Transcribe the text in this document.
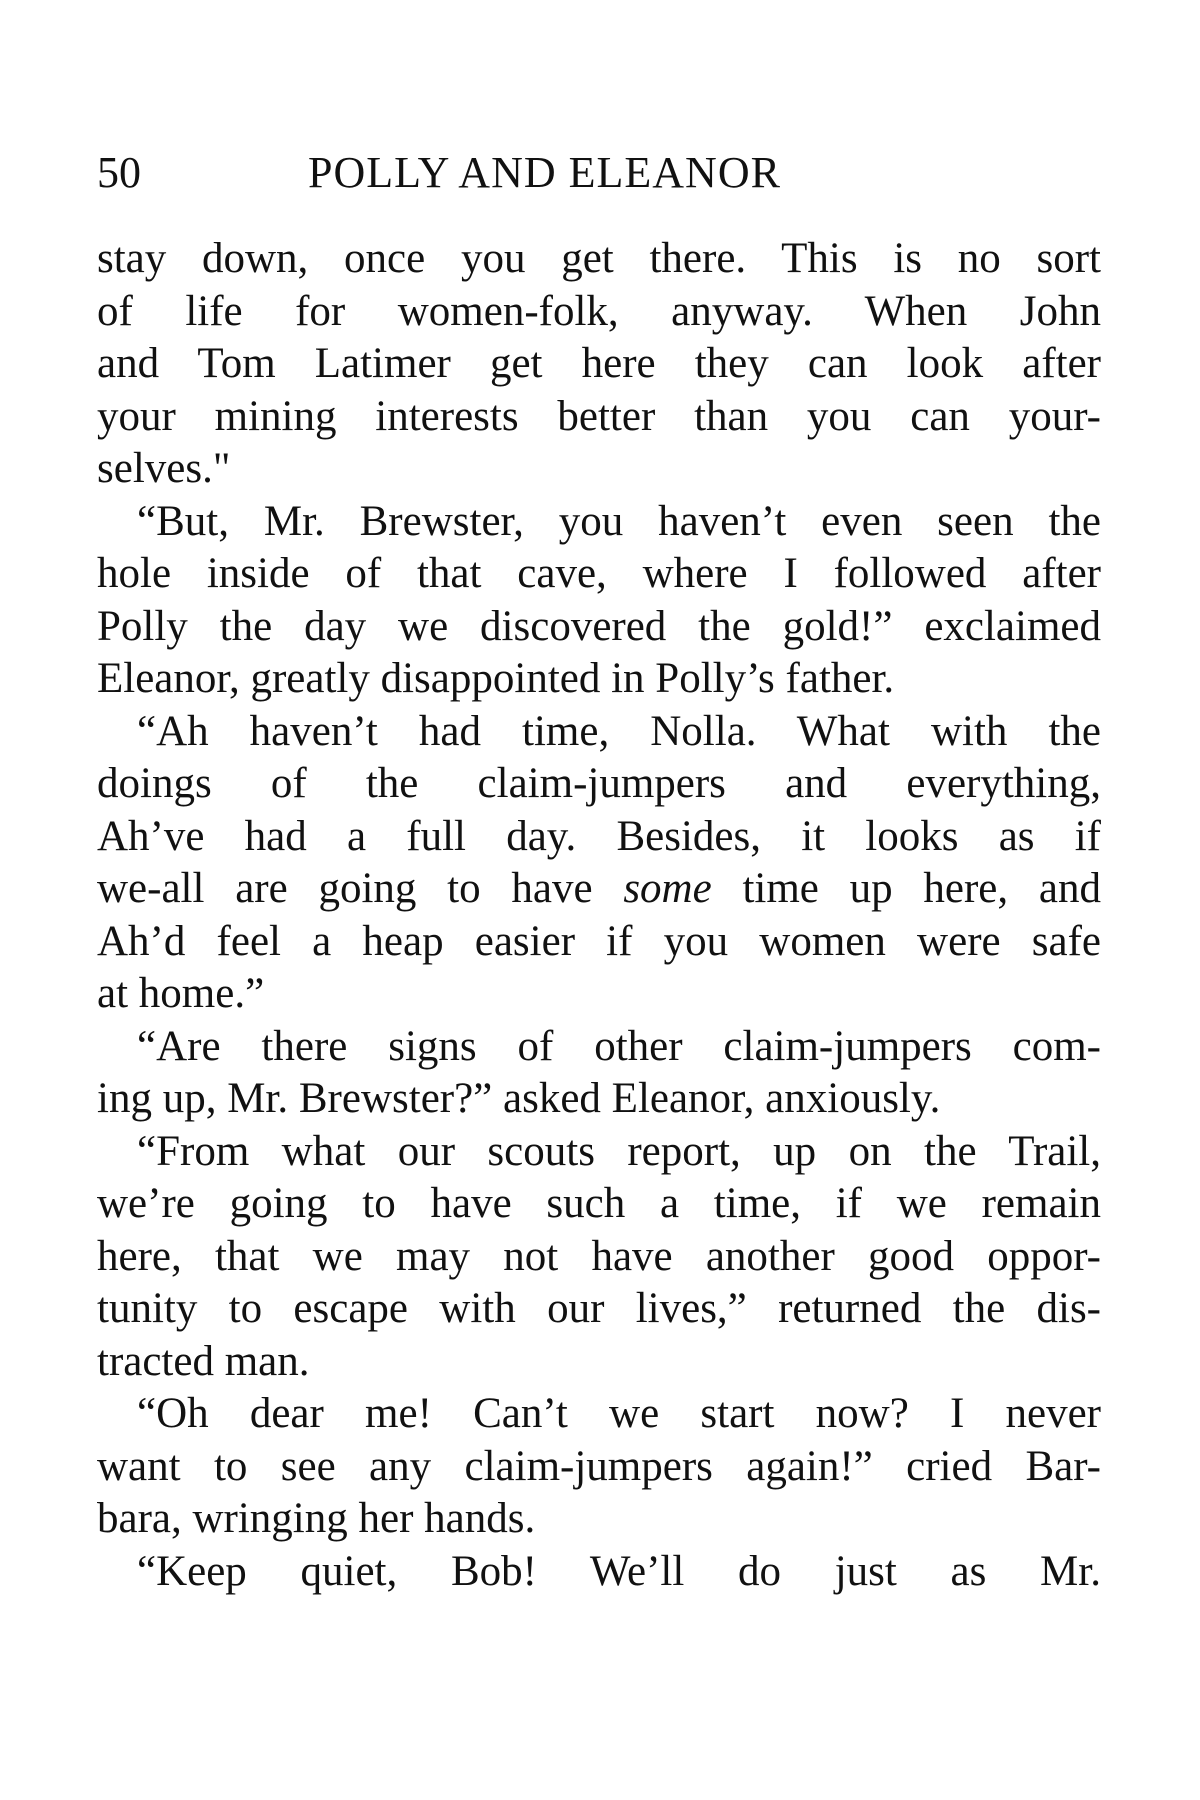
50	POLLY AND ELEANOR
stay down, once you get there. This is no sort
of life for women-folk, anyway. When John
and Tom Latimer get here they can look after
your mining interests better than you can your-
selves."
“But, Mr. Brewster, you haven’t even seen the
hole inside of that cave, where I followed after
Polly the day we discovered the gold!” exclaimed
Eleanor, greatly disappointed in Polly’s father.
“Ah haven’t had time, Nolla. What with the
doings of the claim-jumpers and everything,
Ah’ve had a full day. Besides, it looks as if
we-all are going to have some time up here, and
Ah’d feel a heap easier if you women were safe
at home.”
“Are there signs of other claim-jumpers com-
ing up, Mr. Brewster?” asked Eleanor, anxiously.
“From what our scouts report, up on the Trail,
we’re going to have such a time, if we remain
here, that we may not have another good oppor-
tunity to escape with our lives,” returned the dis-
tracted man.
“Oh dear me! Can’t we start now? I never
want to see any claim-jumpers again!” cried Bar-
bara, wringing her hands.
“Keep quiet, Bob! We’ll do just as Mr.
